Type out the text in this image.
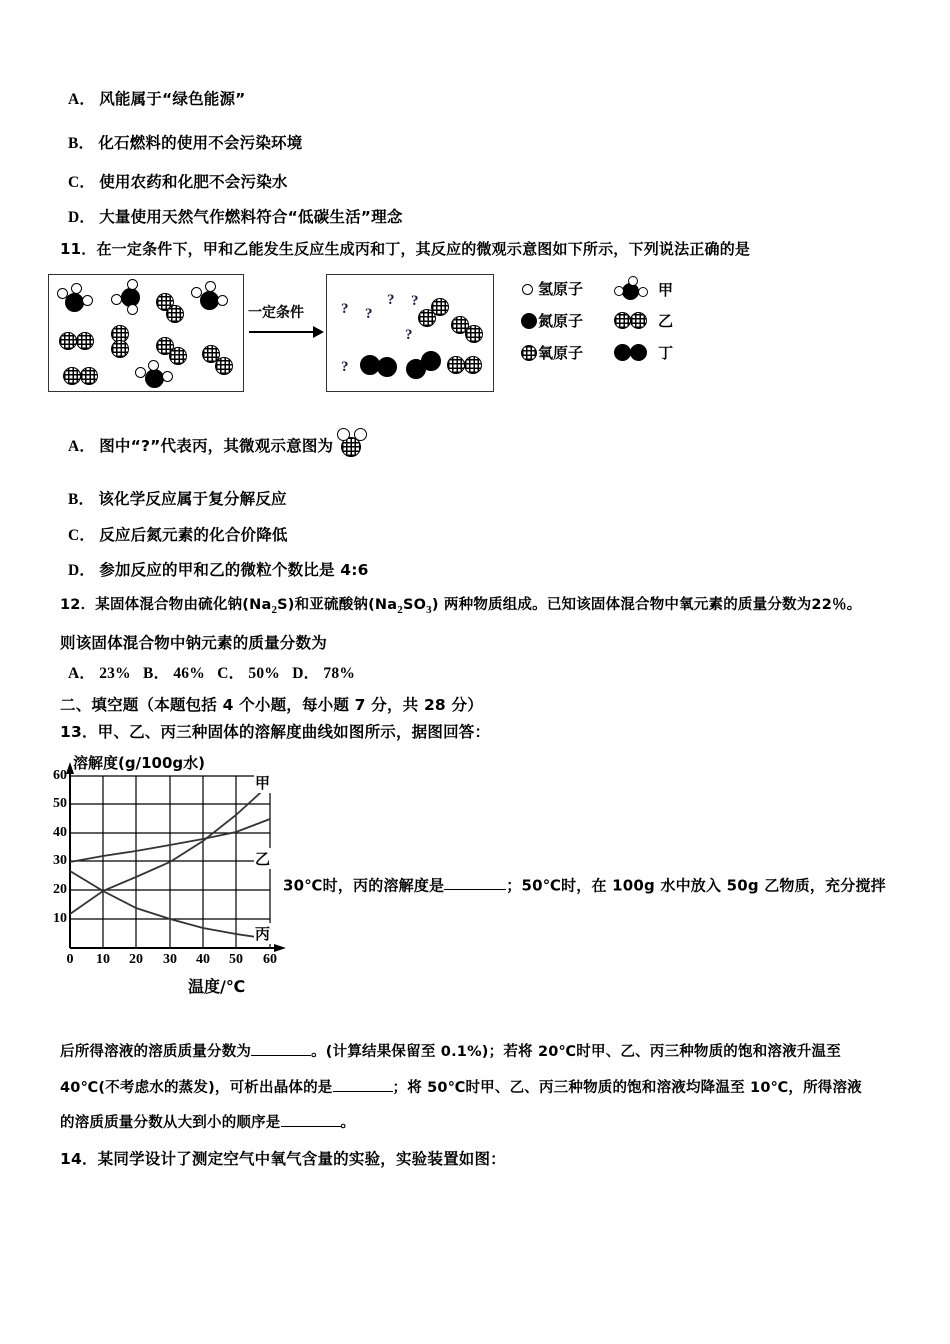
A． 风能属于“绿色能源”
B． 化石燃料的使用不会污染环境
C． 使用农药和化肥不会污染水
D． 大量使用天然气作燃料符合“低碳生活”理念
11．在一定条件下，甲和乙能发生反应生成丙和丁，其反应的微观示意图如下所示，下列说法正确的是
一定条件 ? ?
? ?
?
?
氢原子
氮原子
氧原子
甲
乙
丁
A． 图中“?”代表丙，其微观示意图为
B． 该化学反应属于复分解反应
C． 反应后氮元素的化合价降低
D． 参加反应的甲和乙的微粒个数比是 4:6
12．某固体混合物由硫化钠$(Na_2S)$和亚硫酸钠$(Na_2SO_3)$ 两种物质组成。已知该固体混合物中氧元素的质量分数为22％。
则该固体混合物中钠元素的质量分数为
A． 23% B． 46% C． 50% D． 78%
二、填空题（本题包括 4 个小题，每小题 7 分，共 28 分）
13．甲、乙、丙三种固体的溶解度曲线如图所示，据图回答：
溶解度(g/100g水)
温度/℃
60
50
40
30
20
10
0 10 20 30 40 50 60
甲
乙
丙
30℃时，丙的溶解度是	；50℃时，在 100g 水中放入 50g 乙物质，充分搅拌
后所得溶液的溶质质量分数为	。(计算结果保留至 0.1%)；若将 20℃时甲、乙、丙三种物质的饱和溶液升温至
40℃(不考虑水的蒸发)，可析出晶体的是	；将 50℃时甲、乙、丙三种物质的饱和溶液均降温至 10℃，所得溶液
的溶质质量分数从大到小的顺序是	。
14．某同学设计了测定空气中氧气含量的实验，实验装置如图：
